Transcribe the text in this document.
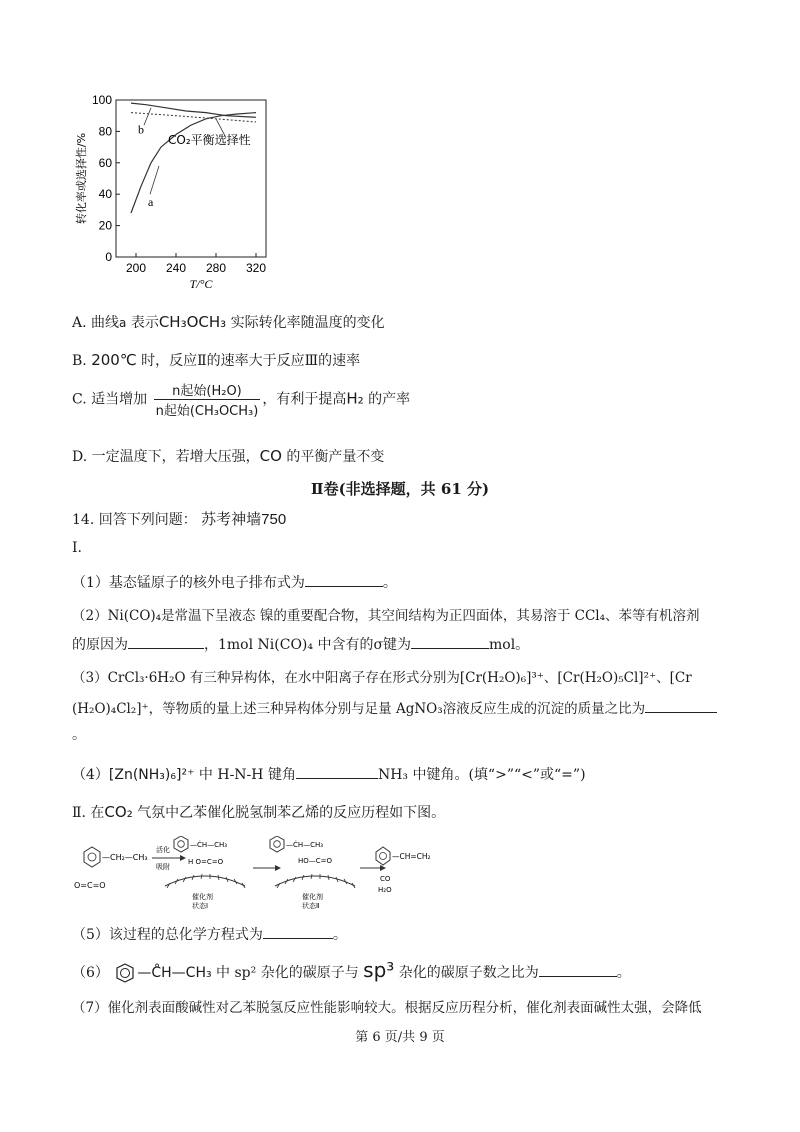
0
20
40
60
80
100
200 240 280 320
T/°C
转化率或选择性/%	a
b
CO₂平衡选择性
A. 曲线a 表示CH₃OCH₃ 实际转化率随温度的变化
B. 200℃ 时，反应Ⅱ的速率大于反应Ⅲ的速率
C. 适当增加 $\frac{\text{n起始(H₂O)}}{\text{n起始(CH₃OCH₃)}}$ ，有利于提高H₂ 的产率
D. 一定温度下，若增大压强，CO 的平衡产量不变
Ⅱ卷(非选择题，共 61 分)
14. 回答下列问题： 苏考神墙750
Ⅰ.
（1）基态锰原子的核外电子排布式为	。
（2）Ni(CO)₄是常温下呈液态 镍的重要配合物，其空间结构为正四面体，其易溶于 CCl₄、苯等有机溶剂
的原因为	，1mol Ni(CO)₄ 中含有的σ键为	mol。
（3）CrCl₃·6H₂O 有三种异构体，在水中阳离子存在形式分别为[Cr(H₂O)₆]³⁺、[Cr(H₂O)₅Cl]²⁺、[Cr
(H₂O)₄Cl₂]⁺，等物质的量上述三种异构体分别与足量 AgNO₃溶液反应生成的沉淀的质量之比为
。
（4）[Zn(NH₃)₆]²⁺ 中 H-N-H 键角	NH₃ 中键角。(填“>”“<”或“=”)
Ⅱ. 在CO₂ 气氛中乙苯催化脱氢制苯乙烯的反应历程如下图。
—CH₂—CH₃
O=C=O
活化
吸附
—ĊH—CH₃
H O=C=O
催化剂
状态Ⅰ
—ĊH—CH₃
HO—C=O
催化剂
状态Ⅱ
—CH=CH₂
CO
H₂O
（5）该过程的总化学方程式为	。
（6） —C̊H—CH₃ 中 sp² 杂化的碳原子与 sp³ 杂化的碳原子数之比为	。
（7）催化剂表面酸碱性对乙苯脱氢反应性能影响较大。根据反应历程分析，催化剂表面碱性太强，会降低
第 6 页/共 9 页
